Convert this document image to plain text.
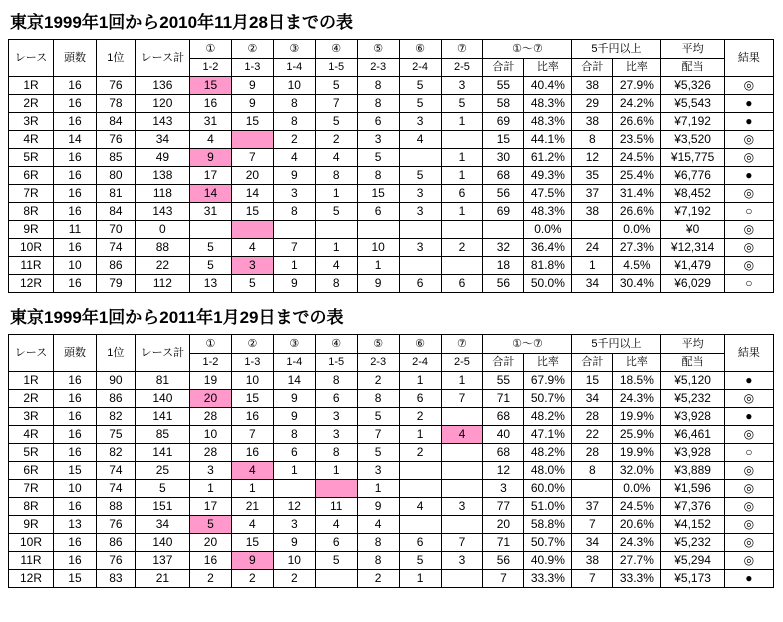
東京1999年1回から2010年11月28日までの表
レース	頭数	1位	レース計	①	②	③	④	⑤	⑥	⑦	①～⑦		5千円以上		平均	結果
				1-2	1-3	1-4	1-5	2-3	2-4	2-5	合計	比率	合計	比率	配当	
1R	16	76	136	15	9	10	5	8	5	3	55	40.4%	38	27.9%	¥5,326	◎
2R	16	78	120	16	9	8	7	8	5	5	58	48.3%	29	24.2%	¥5,543	●
3R	16	84	143	31	15	8	5	6	3	1	69	48.3%	38	26.6%	¥7,192	●
4R	14	76	34	4		2	2	3	4		15	44.1%	8	23.5%	¥3,520	◎
5R	16	85	49	9	7	4	4	5		1	30	61.2%	12	24.5%	¥15,775	◎
6R	16	80	138	17	20	9	8	8	5	1	68	49.3%	35	25.4%	¥6,776	●
7R	16	81	118	14	14	3	1	15	3	6	56	47.5%	37	31.4%	¥8,452	◎
8R	16	84	143	31	15	8	5	6	3	1	69	48.3%	38	26.6%	¥7,192	○
9R	11	70	0									0.0%		0.0%	¥0	◎
10R	16	74	88	5	4	7	1	10	3	2	32	36.4%	24	27.3%	¥12,314	◎
11R	10	86	22	5	3	1	4	1			18	81.8%	1	4.5%	¥1,479	◎
12R	16	79	112	13	5	9	8	9	6	6	56	50.0%	34	30.4%	¥6,029	○
東京1999年1回から2011年1月29日までの表
レース	頭数	1位	レース計	①	②	③	④	⑤	⑥	⑦	①～⑦		5千円以上		平均	結果
				1-2	1-3	1-4	1-5	2-3	2-4	2-5	合計	比率	合計	比率	配当	
1R	16	90	81	19	10	14	8	2	1	1	55	67.9%	15	18.5%	¥5,120	●
2R	16	86	140	20	15	9	6	8	6	7	71	50.7%	34	24.3%	¥5,232	◎
3R	16	82	141	28	16	9	3	5	2		68	48.2%	28	19.9%	¥3,928	●
4R	16	75	85	10	7	8	3	7	1	4	40	47.1%	22	25.9%	¥6,461	◎
5R	16	82	141	28	16	6	8	5	2		68	48.2%	28	19.9%	¥3,928	○
6R	15	74	25	3	4	1	1	3			12	48.0%	8	32.0%	¥3,889	◎
7R	10	74	5	1	1			1			3	60.0%		0.0%	¥1,596	◎
8R	16	88	151	17	21	12	11	9	4	3	77	51.0%	37	24.5%	¥7,376	◎
9R	13	76	34	5	4	3	4	4			20	58.8%	7	20.6%	¥4,152	◎
10R	16	86	140	20	15	9	6	8	6	7	71	50.7%	34	24.3%	¥5,232	◎
11R	16	76	137	16	9	10	5	8	5	3	56	40.9%	38	27.7%	¥5,294	◎
12R	15	83	21	2	2	2		2	1		7	33.3%	7	33.3%	¥5,173	●
